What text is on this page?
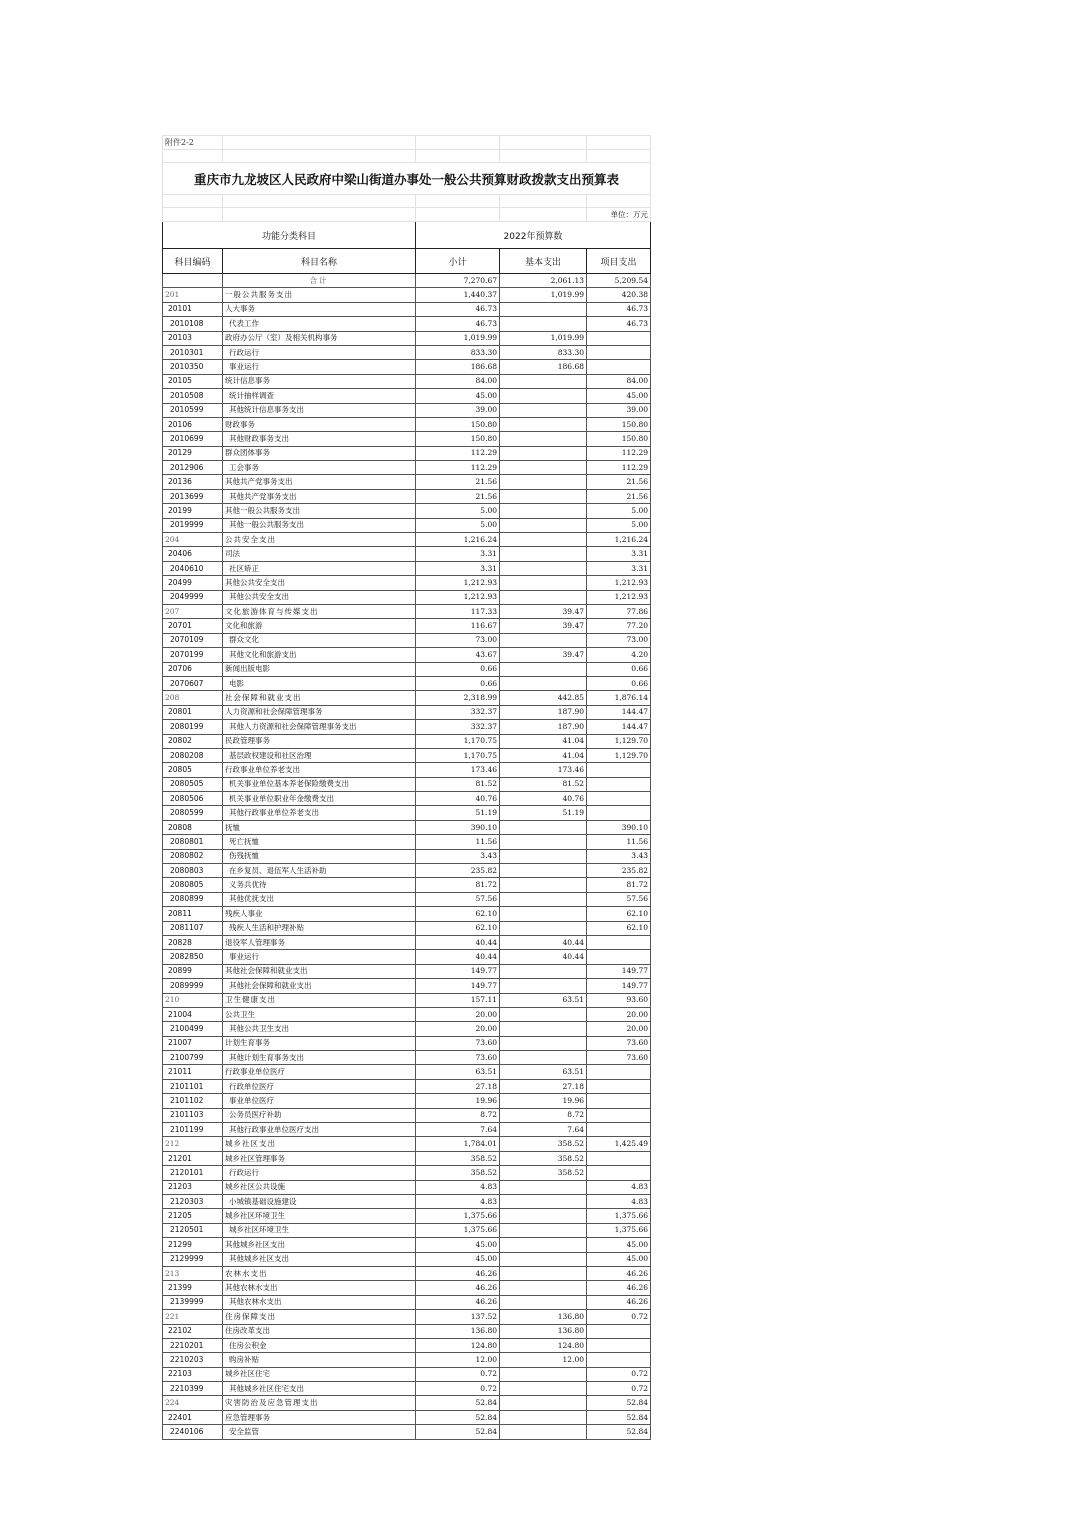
附件2-2				

重庆市九龙坡区人民政府中梁山街道办事处一般公共预算财政拨款支出预算表				

				单位：万元
功能分类科目		2022年预算数		
科目编码	科目名称	小计	基本支出	项目支出
	合计	7,270.67	2,061.13	5,209.54
201	一般公共服务支出	1,440.37	1,019.99	420.38
20101	人大事务	46.73		46.73
2010108	代表工作	46.73		46.73
20103	政府办公厅（室）及相关机构事务	1,019.99	1,019.99	
2010301	行政运行	833.30	833.30	
2010350	事业运行	186.68	186.68	
20105	统计信息事务	84.00		84.00
2010508	统计抽样调查	45.00		45.00
2010599	其他统计信息事务支出	39.00		39.00
20106	财政事务	150.80		150.80
2010699	其他财政事务支出	150.80		150.80
20129	群众团体事务	112.29		112.29
2012906	工会事务	112.29		112.29
20136	其他共产党事务支出	21.56		21.56
2013699	其他共产党事务支出	21.56		21.56
20199	其他一般公共服务支出	5.00		5.00
2019999	其他一般公共服务支出	5.00		5.00
204	公共安全支出	1,216.24		1,216.24
20406	司法	3.31		3.31
2040610	社区矫正	3.31		3.31
20499	其他公共安全支出	1,212.93		1,212.93
2049999	其他公共安全支出	1,212.93		1,212.93
207	文化旅游体育与传媒支出	117.33	39.47	77.86
20701	文化和旅游	116.67	39.47	77.20
2070109	群众文化	73.00		73.00
2070199	其他文化和旅游支出	43.67	39.47	4.20
20706	新闻出版电影	0.66		0.66
2070607	电影	0.66		0.66
208	社会保障和就业支出	2,318.99	442.85	1,876.14
20801	人力资源和社会保障管理事务	332.37	187.90	144.47
2080199	其他人力资源和社会保障管理事务支出	332.37	187.90	144.47
20802	民政管理事务	1,170.75	41.04	1,129.70
2080208	基层政权建设和社区治理	1,170.75	41.04	1,129.70
20805	行政事业单位养老支出	173.46	173.46	
2080505	机关事业单位基本养老保险缴费支出	81.52	81.52	
2080506	机关事业单位职业年金缴费支出	40.76	40.76	
2080599	其他行政事业单位养老支出	51.19	51.19	
20808	抚恤	390.10		390.10
2080801	死亡抚恤	11.56		11.56
2080802	伤残抚恤	3.43		3.43
2080803	在乡复员、退伍军人生活补助	235.82		235.82
2080805	义务兵优待	81.72		81.72
2080899	其他优抚支出	57.56		57.56
20811	残疾人事业	62.10		62.10
2081107	残疾人生活和护理补贴	62.10		62.10
20828	退役军人管理事务	40.44	40.44	
2082850	事业运行	40.44	40.44	
20899	其他社会保障和就业支出	149.77		149.77
2089999	其他社会保障和就业支出	149.77		149.77
210	卫生健康支出	157.11	63.51	93.60
21004	公共卫生	20.00		20.00
2100499	其他公共卫生支出	20.00		20.00
21007	计划生育事务	73.60		73.60
2100799	其他计划生育事务支出	73.60		73.60
21011	行政事业单位医疗	63.51	63.51	
2101101	行政单位医疗	27.18	27.18	
2101102	事业单位医疗	19.96	19.96	
2101103	公务员医疗补助	8.72	8.72	
2101199	其他行政事业单位医疗支出	7.64	7.64	
212	城乡社区支出	1,784.01	358.52	1,425.49
21201	城乡社区管理事务	358.52	358.52	
2120101	行政运行	358.52	358.52	
21203	城乡社区公共设施	4.83		4.83
2120303	小城镇基础设施建设	4.83		4.83
21205	城乡社区环境卫生	1,375.66		1,375.66
2120501	城乡社区环境卫生	1,375.66		1,375.66
21299	其他城乡社区支出	45.00		45.00
2129999	其他城乡社区支出	45.00		45.00
213	农林水支出	46.26		46.26
21399	其他农林水支出	46.26		46.26
2139999	其他农林水支出	46.26		46.26
221	住房保障支出	137.52	136.80	0.72
22102	住房改革支出	136.80	136.80	
2210201	住房公积金	124.80	124.80	
2210203	购房补贴	12.00	12.00	
22103	城乡社区住宅	0.72		0.72
2210399	其他城乡社区住宅支出	0.72		0.72
224	灾害防治及应急管理支出	52.84		52.84
22401	应急管理事务	52.84		52.84
2240106	安全监管	52.84		52.84
